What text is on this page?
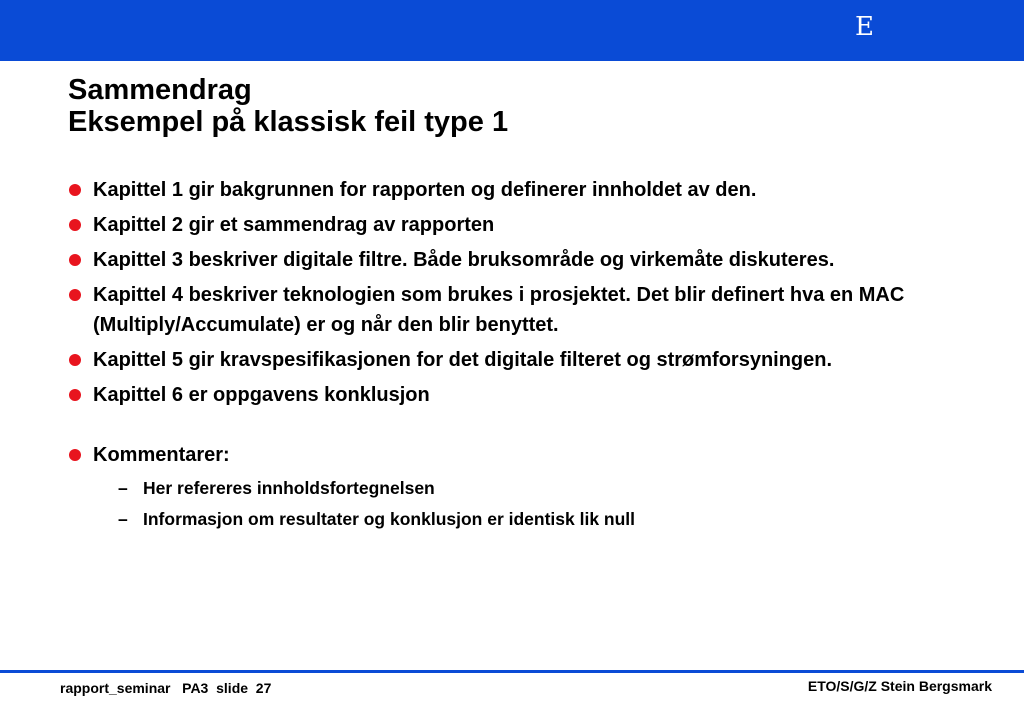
E
Sammendrag
Eksempel på klassisk feil type 1
Kapittel 1 gir bakgrunnen for rapporten og definerer innholdet av den.
Kapittel 2 gir et sammendrag av rapporten
Kapittel 3 beskriver digitale filtre. Både bruksområde og virkemåte diskuteres.
Kapittel 4 beskriver teknologien som brukes i prosjektet. Det blir definert hva en MAC (Multiply/Accumulate) er og når den blir benyttet.
Kapittel 5 gir kravspesifikasjonen for det digitale filteret og strømforsyningen.
Kapittel 6 er oppgavens konklusjon
Kommentarer:
– Her refereres innholdsfortegnelsen
– Informasjon om resultater og konklusjon er identisk lik null
rapport_seminar   PA3  slide  27	ETO/S/G/Z Stein Bergsmark
